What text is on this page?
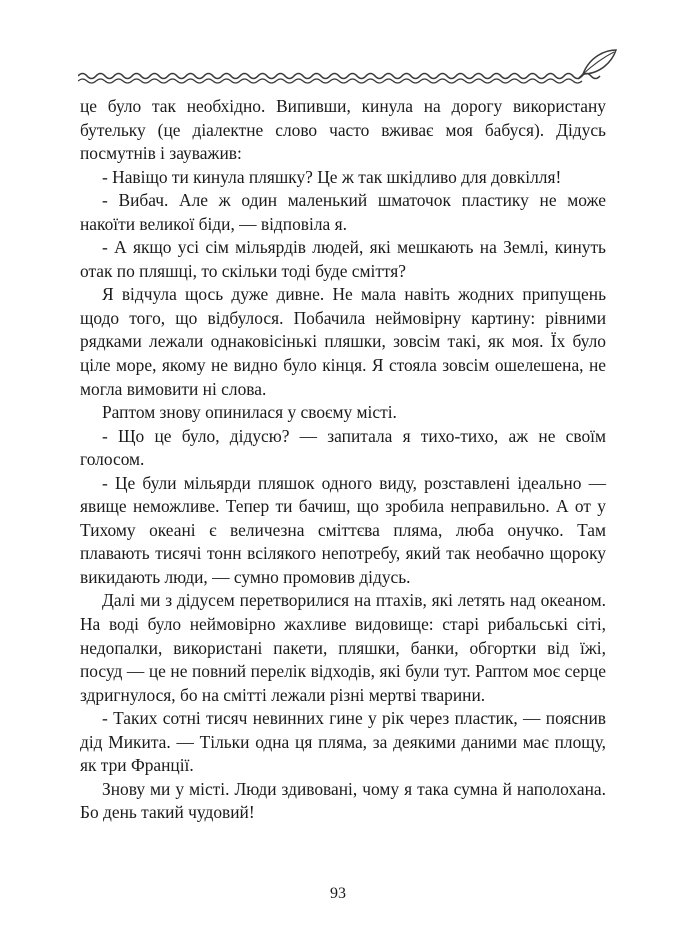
це було так необхідно. Випивши, кинула на дорогу використану бутельку (це діалектне слово часто вживає моя бабуся). Дідусь посмутнів і зауважив:

- Навіщо ти кинула пляшку? Це ж так шкідливо для довкілля!

- Вибач. Але ж один маленький шматочок пластику не може накоїти великої біди, — відповіла я.

- А якщо усі сім мільярдів людей, які мешкають на Землі, кинуть отак по пляшці, то скільки тоді буде сміття?

Я відчула щось дуже дивне. Не мала навіть жодних припущень щодо того, що відбулося. Побачила неймовірну картину: рівними рядками лежали однаковісінькі пляшки, зовсім такі, як моя. Їх було ціле море, якому не видно було кінця. Я стояла зовсім ошелешена, не могла вимовити ні слова.

Раптом знову опинилася у своєму місті.

- Що це було, дідусю? — запитала я тихо-тихо, аж не своїм голосом.

- Це були мільярди пляшок одного виду, розставлені ідеально — явище неможливе. Тепер ти бачиш, що зробила неправильно. А от у Тихому океані є величезна сміттєва пляма, люба онучко. Там плавають тисячі тонн всілякого непотребу, який так необачно щороку викидають люди, — сумно промовив дідусь.

Далі ми з дідусем перетворилися на птахів, які летять над океаном. На воді було неймовірно жахливе видовище: старі рибальські сіті, недопалки, використані пакети, пляшки, банки, обгортки від їжі, посуд — це не повний перелік відходів, які були тут. Раптом моє серце здригнулося, бо на смітті лежали різні мертві тварини.

- Таких сотні тисяч невинних гине у рік через пластик, — пояснив дід Микита. — Тільки одна ця пляма, за деякими даними має площу, як три Франції.

Знову ми у місті. Люди здивовані, чому я така сумна й наполохана. Бо день такий чудовий!

93
